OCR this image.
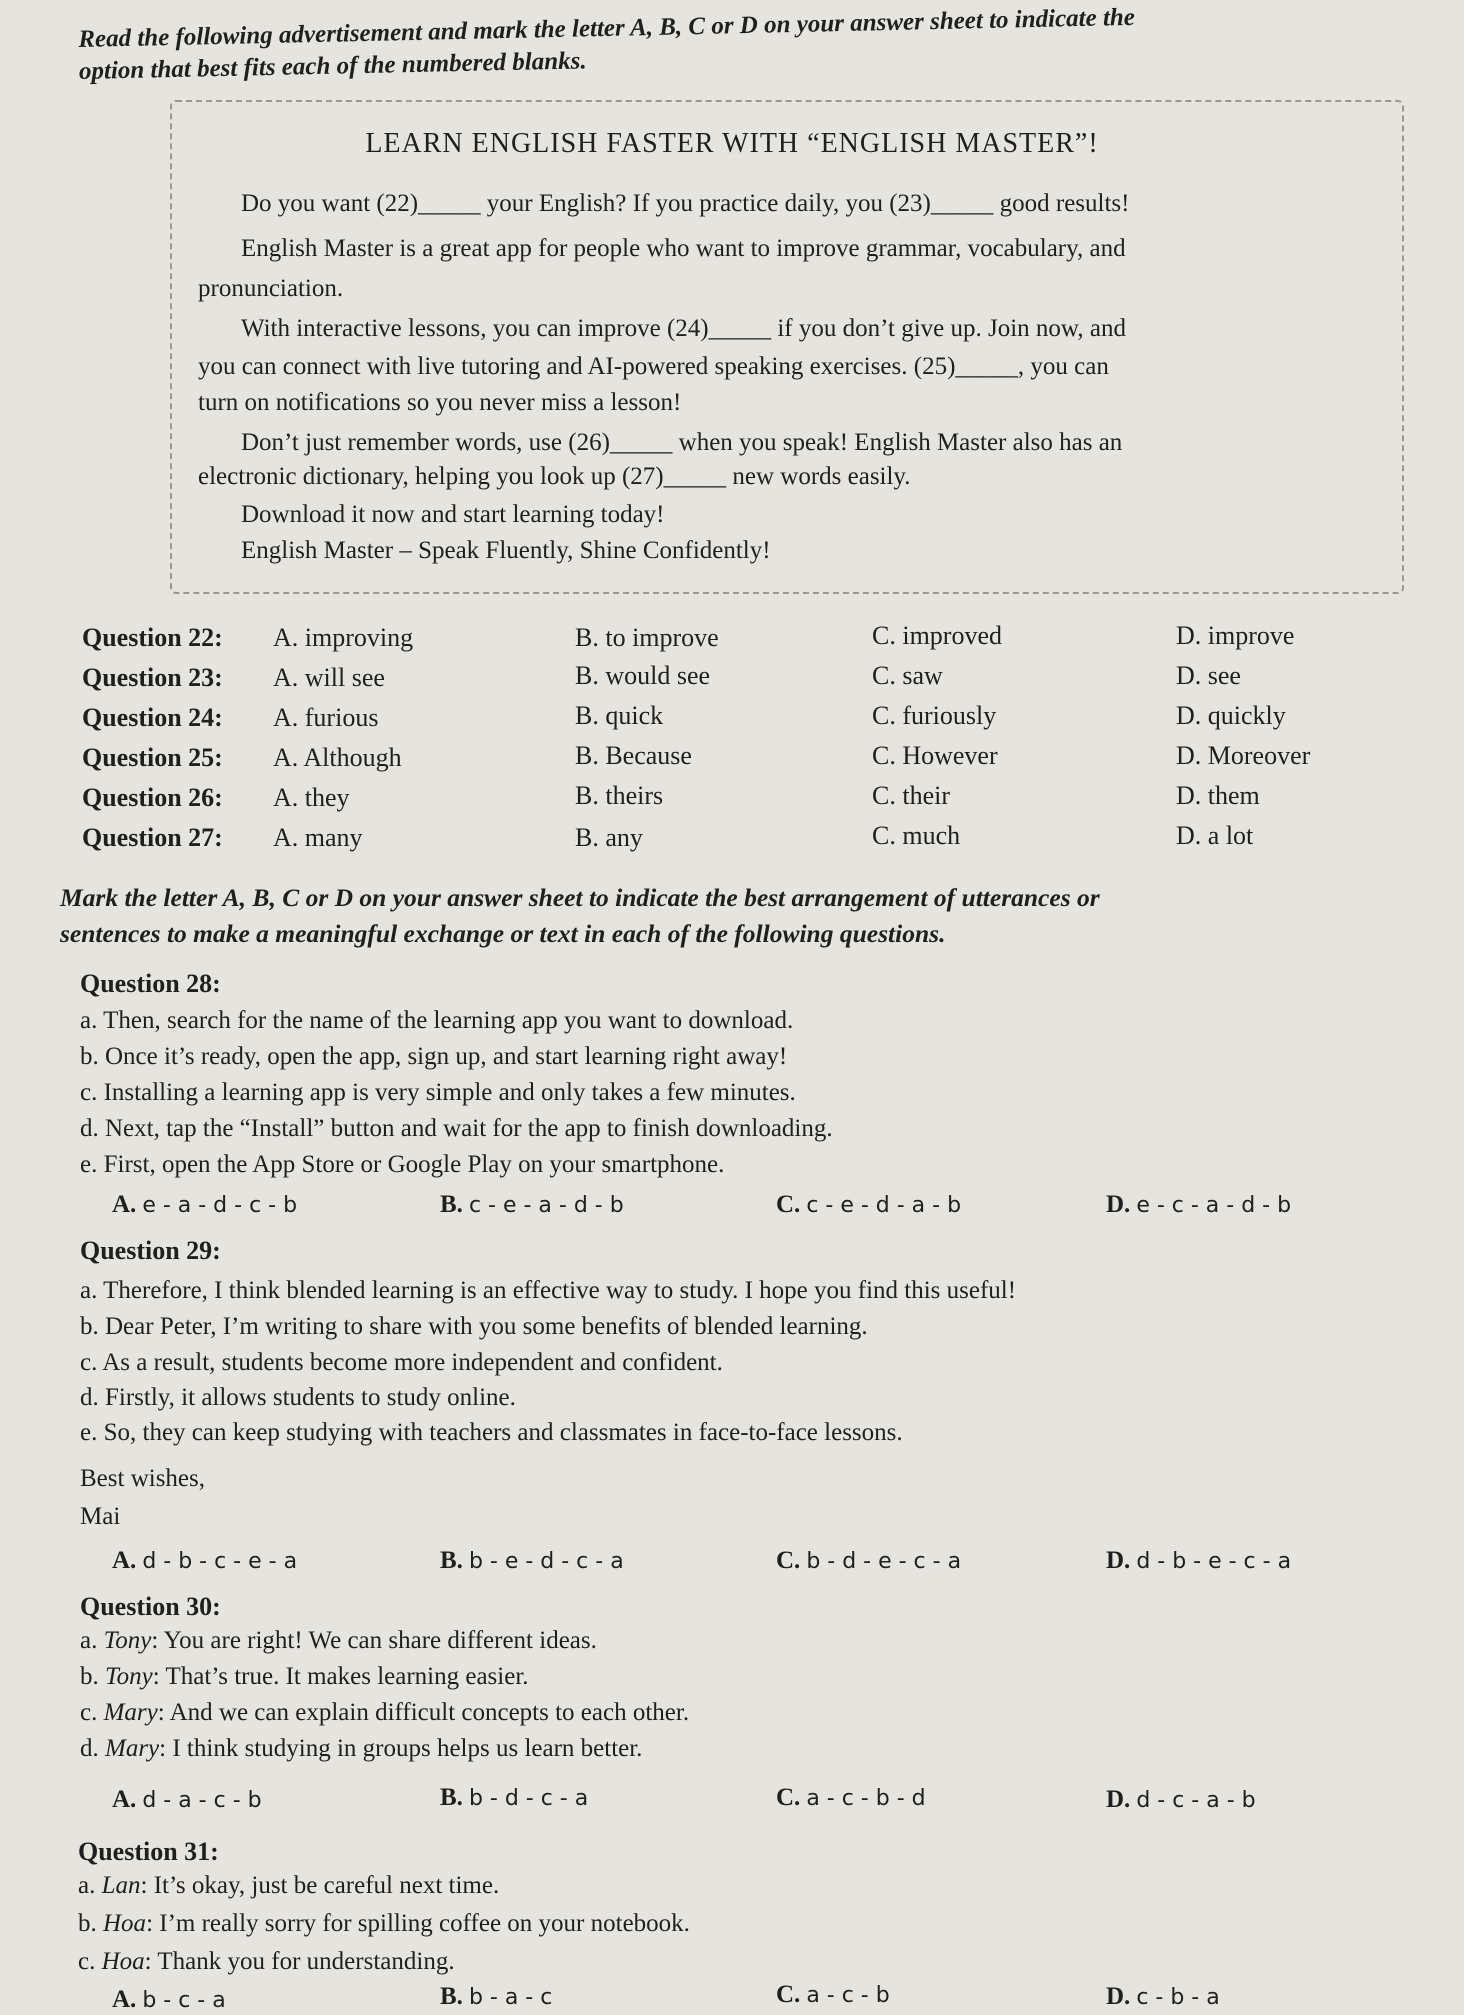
Read the following advertisement and mark the letter A, B, C or D on your answer sheet to indicate the
option that best fits each of the numbered blanks.
LEARN ENGLISH FASTER WITH “ENGLISH MASTER”!
Do you want (22)_____ your English? If you practice daily, you (23)_____ good results!
English Master is a great app for people who want to improve grammar, vocabulary, and
pronunciation.
With interactive lessons, you can improve (24)_____ if you don’t give up. Join now, and
you can connect with live tutoring and AI-powered speaking exercises. (25)_____, you can
turn on notifications so you never miss a lesson!
Don’t just remember words, use (26)_____ when you speak! English Master also has an
electronic dictionary, helping you look up (27)_____ new words easily.
Download it now and start learning today!
English Master – Speak Fluently, Shine Confidently!
Question 22: A. improving	B. to improve	C. improved	D. improve
Question 23: A. will see	B. would see	C. saw	D. see
Question 24: A. furious	B. quick	C. furiously	D. quickly
Question 25: A. Although	B. Because	C. However	D. Moreover
Question 26: A. they	B. theirs	C. their	D. them
Question 27: A. many	B. any	C. much	D. a lot
Mark the letter A, B, C or D on your answer sheet to indicate the best arrangement of utterances or
sentences to make a meaningful exchange or text in each of the following questions.
Question 28:
a. Then, search for the name of the learning app you want to download.
b. Once it’s ready, open the app, sign up, and start learning right away!
c. Installing a learning app is very simple and only takes a few minutes.
d. Next, tap the “Install” button and wait for the app to finish downloading.
e. First, open the App Store or Google Play on your smartphone.
A. e - a - d - c - b	B. c - e - a - d - b	C. c - e - d - a - b	D. e - c - a - d - b
Question 29:
a. Therefore, I think blended learning is an effective way to study. I hope you find this useful!
b. Dear Peter, I’m writing to share with you some benefits of blended learning.
c. As a result, students become more independent and confident.
d. Firstly, it allows students to study online.
e. So, they can keep studying with teachers and classmates in face-to-face lessons.
Best wishes,
Mai
A. d - b - c - e - a	B. b - e - d - c - a	C. b - d - e - c - a	D. d - b - e - c - a
Question 30:
a. Tony: You are right! We can share different ideas.
b. Tony: That’s true. It makes learning easier.
c. Mary: And we can explain difficult concepts to each other.
d. Mary: I think studying in groups helps us learn better.
A. d - a - c - b	B. b - d - c - a	C. a - c - b - d	D. d - c - a - b
Question 31:
a. Lan: It’s okay, just be careful next time.
b. Hoa: I’m really sorry for spilling coffee on your notebook.
c. Hoa: Thank you for understanding.
A. b - c - a	B. b - a - c	C. a - c - b	D. c - b - a
